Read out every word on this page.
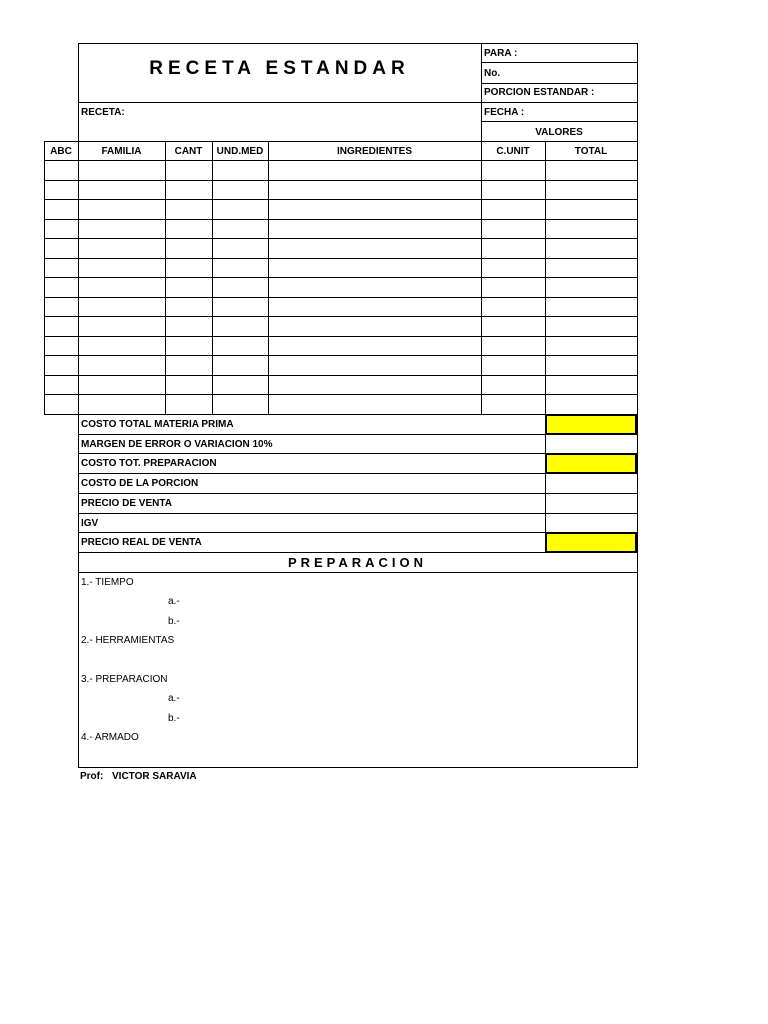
RECETA ESTANDAR
PARA :
No.
PORCION ESTANDAR :
FECHA :
RECETA:
VALORES
ABC	FAMILIA	CANT	UND.MED	INGREDIENTES	C.UNIT	TOTAL
PREPARACION
1.- TIEMPO
a.-
b.-
2.- HERRAMIENTAS
3.- PREPARACION
a.-
b.-
4.- ARMADO
Prof: VICTOR SARAVIA
COSTO TOTAL MATERIA PRIMA
MARGEN DE ERROR O VARIACION 10%
COSTO TOT. PREPARACION
COSTO DE LA PORCION
PRECIO DE VENTA
IGV
PRECIO REAL DE VENTA
